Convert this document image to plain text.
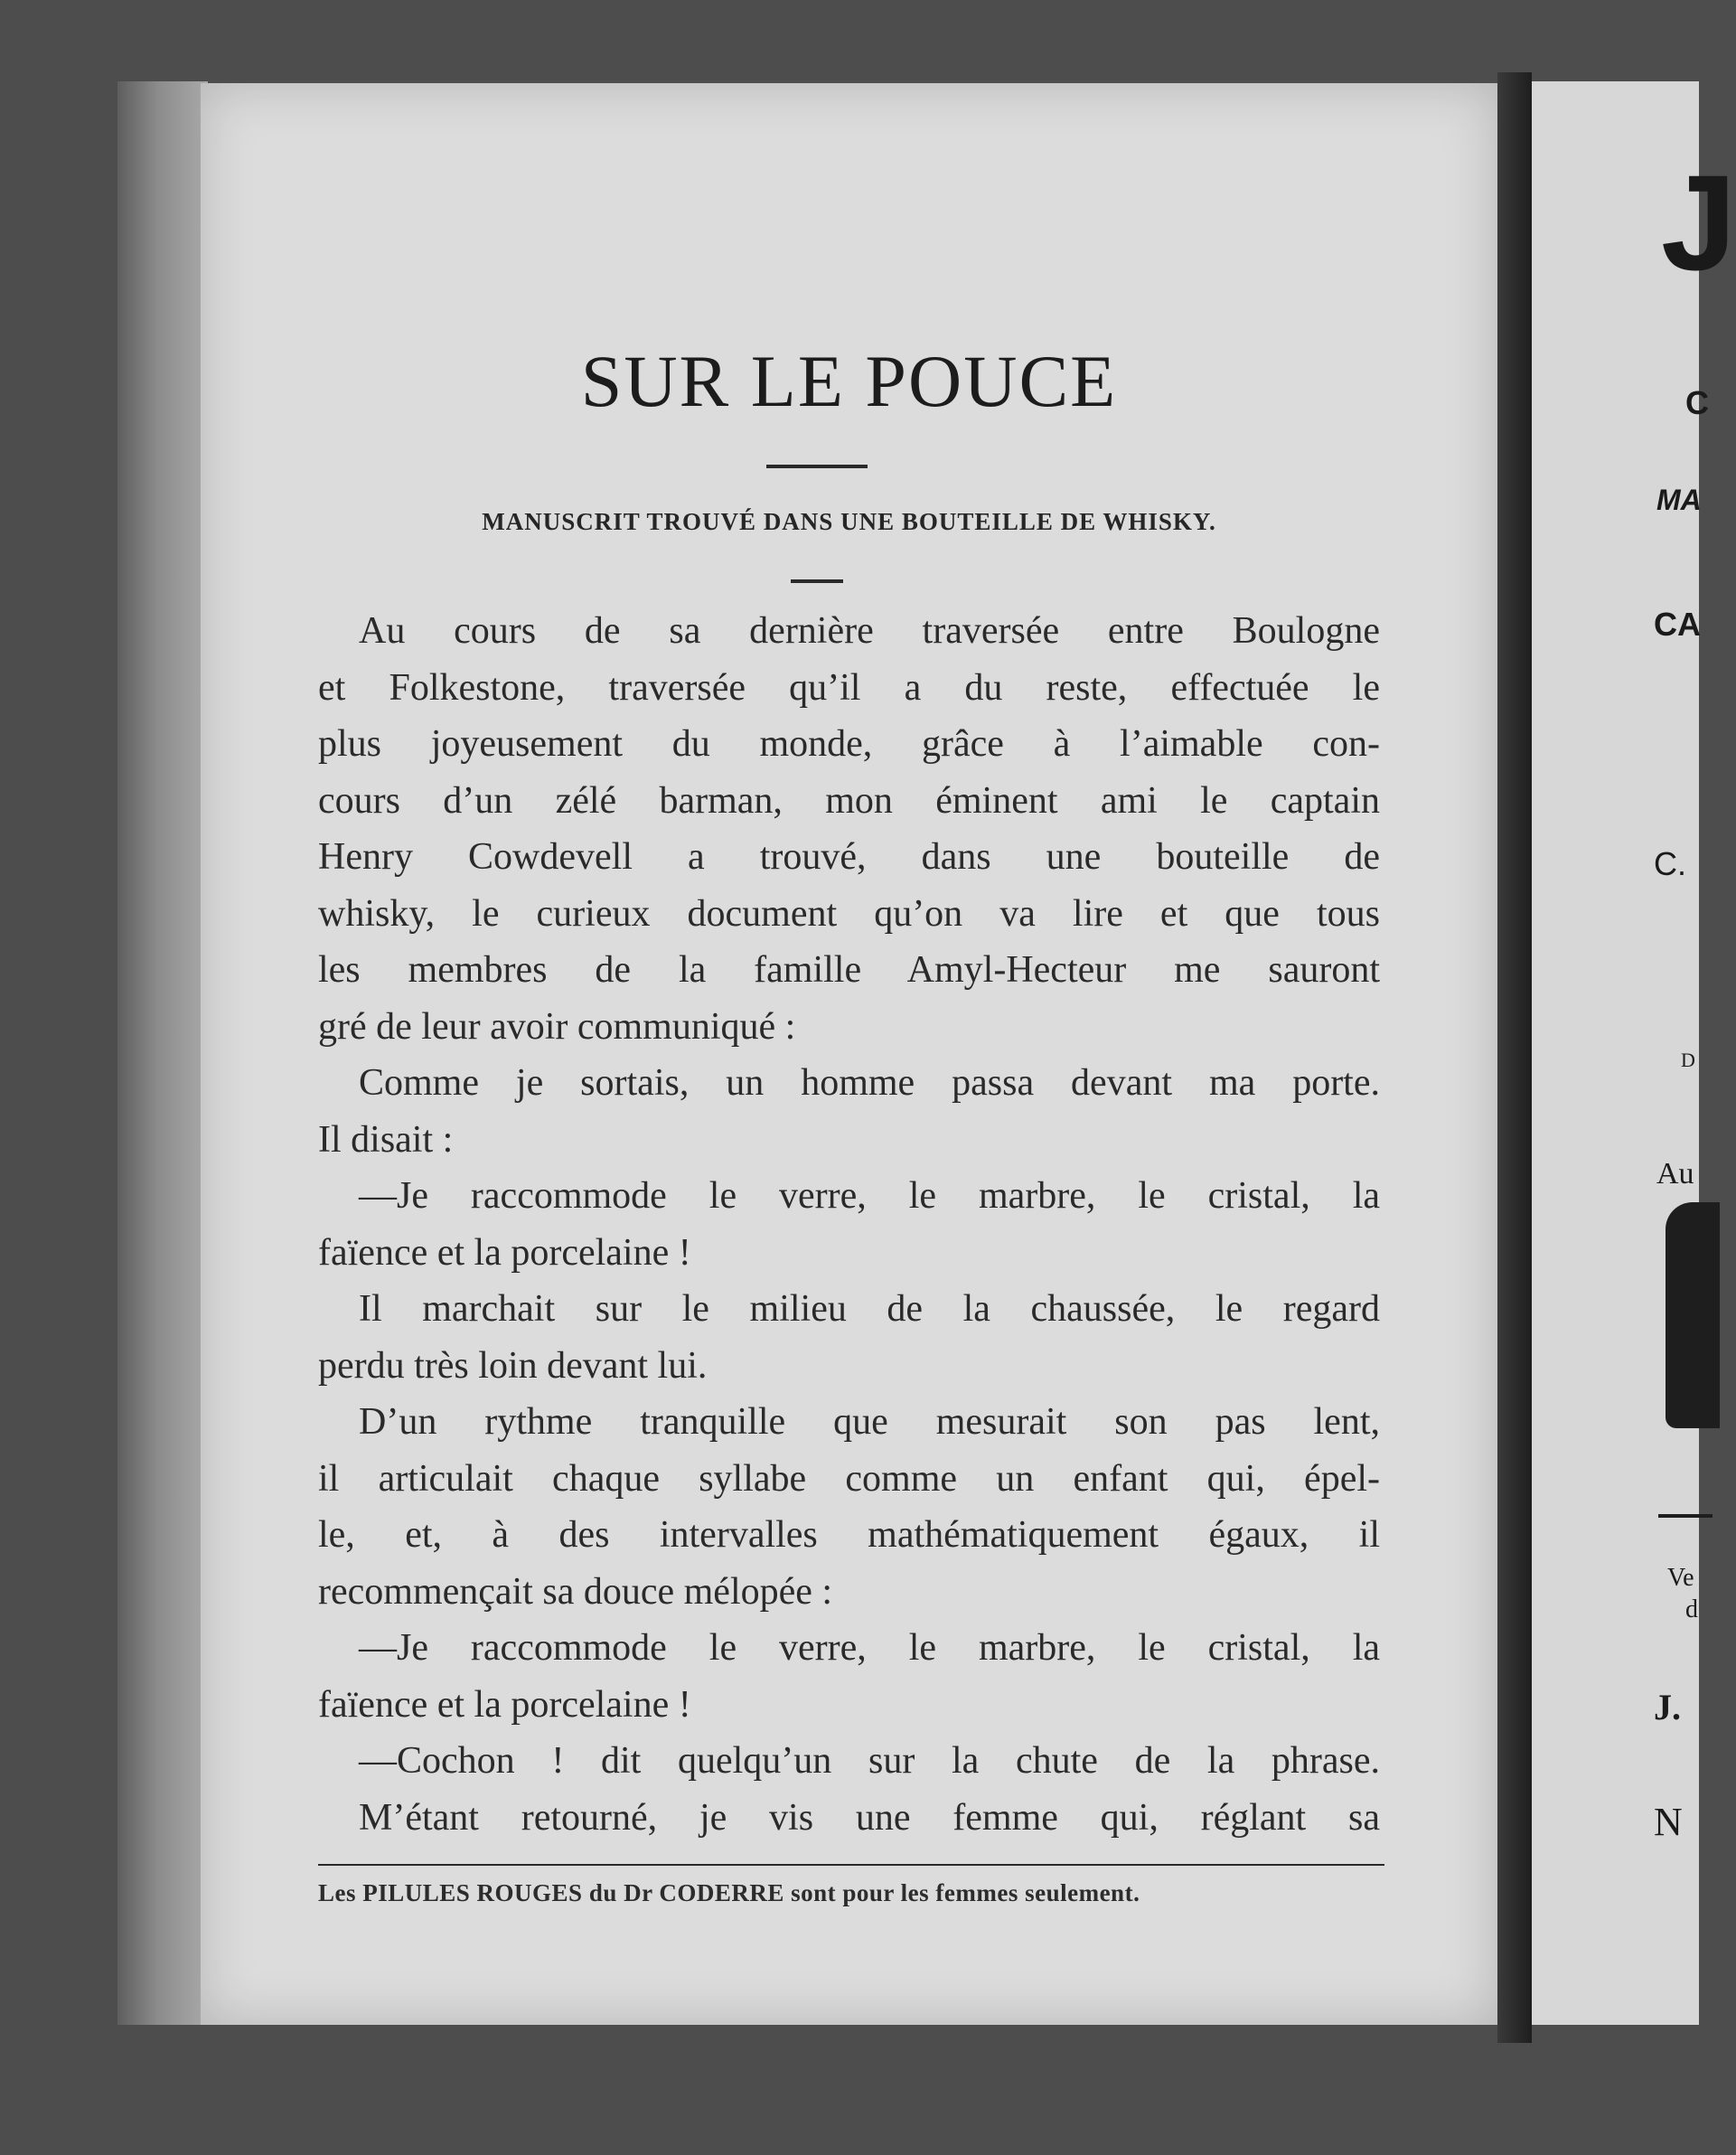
SUR LE POUCE
MANUSCRIT TROUVÉ DANS UNE BOUTEILLE DE WHISKY.
Au cours de sa dernière traversée entre Boulogne
et Folkestone, traversée qu’il a du reste, effectuée le
plus joyeusement du monde, grâce à l’aimable con-
cours d’un zélé barman, mon éminent ami le captain
Henry Cowdevell a trouvé, dans une bouteille de
whisky, le curieux document qu’on va lire et que tous
les membres de la famille Amyl-Hecteur me sauront
gré de leur avoir communiqué :
Comme je sortais, un homme passa devant ma porte.
Il disait :
—Je raccommode le verre, le marbre, le cristal, la
faïence et la porcelaine !
Il marchait sur le milieu de la chaussée, le regard
perdu très loin devant lui.
D’un rythme tranquille que mesurait son pas lent,
il articulait chaque syllabe comme un enfant qui, épel-
le, et, à des intervalles mathématiquement égaux, il
recommençait sa douce mélopée :
—Je raccommode le verre, le marbre, le cristal, la
faïence et la porcelaine !
—Cochon ! dit quelqu’un sur la chute de la phrase.
M’étant retourné, je vis une femme qui, réglant sa
Les PILULES ROUGES du Dr CODERRE sont pour les femmes seulement.
J
C
MA
CA
C.
D
Au
Ve
d
J.
N
